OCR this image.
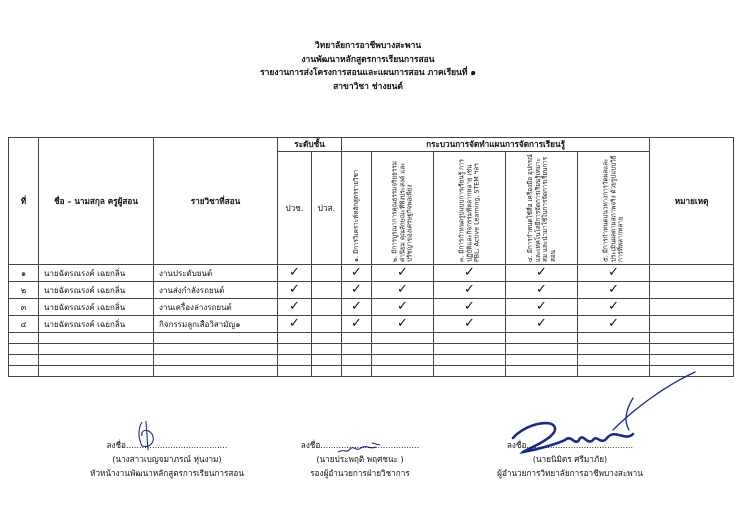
วิทยาลัยการอาชีพบางสะพาน
งานพัฒนาหลักสูตรการเรียนการสอน
รายงานการส่งโครงการสอนและแผนการสอน ภาคเรียนที่ ๑
สาขาวิชา ช่างยนต์
ที่	ชื่อ – นามสกุล ครูผู้สอน	รายวิชาที่สอน	ระดับชั้น		กระบวนการจัดทำแผนการจัดการเรียนรู้					หมายเหตุ
			ปวช.	ปวส.	๑. มีการวิเคราะห์หลักสูตรรายวิชา	๒. มีการบูรณาการคุณธรรมจริยธรรม ค่านิยม คุณลักษณะที่พึงประสงค์ และปรัชญาของเศรษฐกิจพอเพียง	๓. มีการกำหนดรูปแบบการเรียนรู้ การปฏิบัติและกิจกรรมที่หลากหลาย เช่น PBL, Active Learning, STEM ฯลฯ	๔. มีการกำหนดใช้สื่อ เครื่องมือ อุปกรณ์ และเทคโนโลยีการจัดการเรียนรู้เหมาะสม และนำมาใช้ในการจัดการเรียนการสอน	๕. มีการกำหนดแนวทางการวัดผลและประเมินผลตามสภาพจริง ด้วยรูปแบบวิธีการที่หลากหลาย	

๑	นายฉัตรณรงค์ เฉยกลิ่น	งานประดับยนต์	✓		✓	✓	✓	✓	✓	
๒	นายฉัตรณรงค์ เฉยกลิ่น	งานส่งกำลังรถยนต์	✓		✓	✓	✓	✓	✓	
๓	นายฉัตรณรงค์ เฉยกลิ่น	งานเครื่องล่างรถยนต์	✓		✓	✓	✓	✓	✓	
๔	นายฉัตรณรงค์ เฉยกลิ่น	กิจกรรมลูกเสือวิสามัญ๑	✓		✓	✓	✓	✓	✓	

ลงชื่อ.......................................
(นางสาวเบญจมาภรณ์ หุ่นงาม)
หัวหน้างานพัฒนาหลักสูตรการเรียนการสอน
ลงชื่อ......................................
(นายประพฤติ พฤศชนะ )
รองผู้อำนวยการฝ่ายวิชาการ
ลงชื่อ.........................................
(นายนิมิตร ศรีมาภัย)
ผู้อำนวยการวิทยาลัยการอาชีพบางสะพาน
